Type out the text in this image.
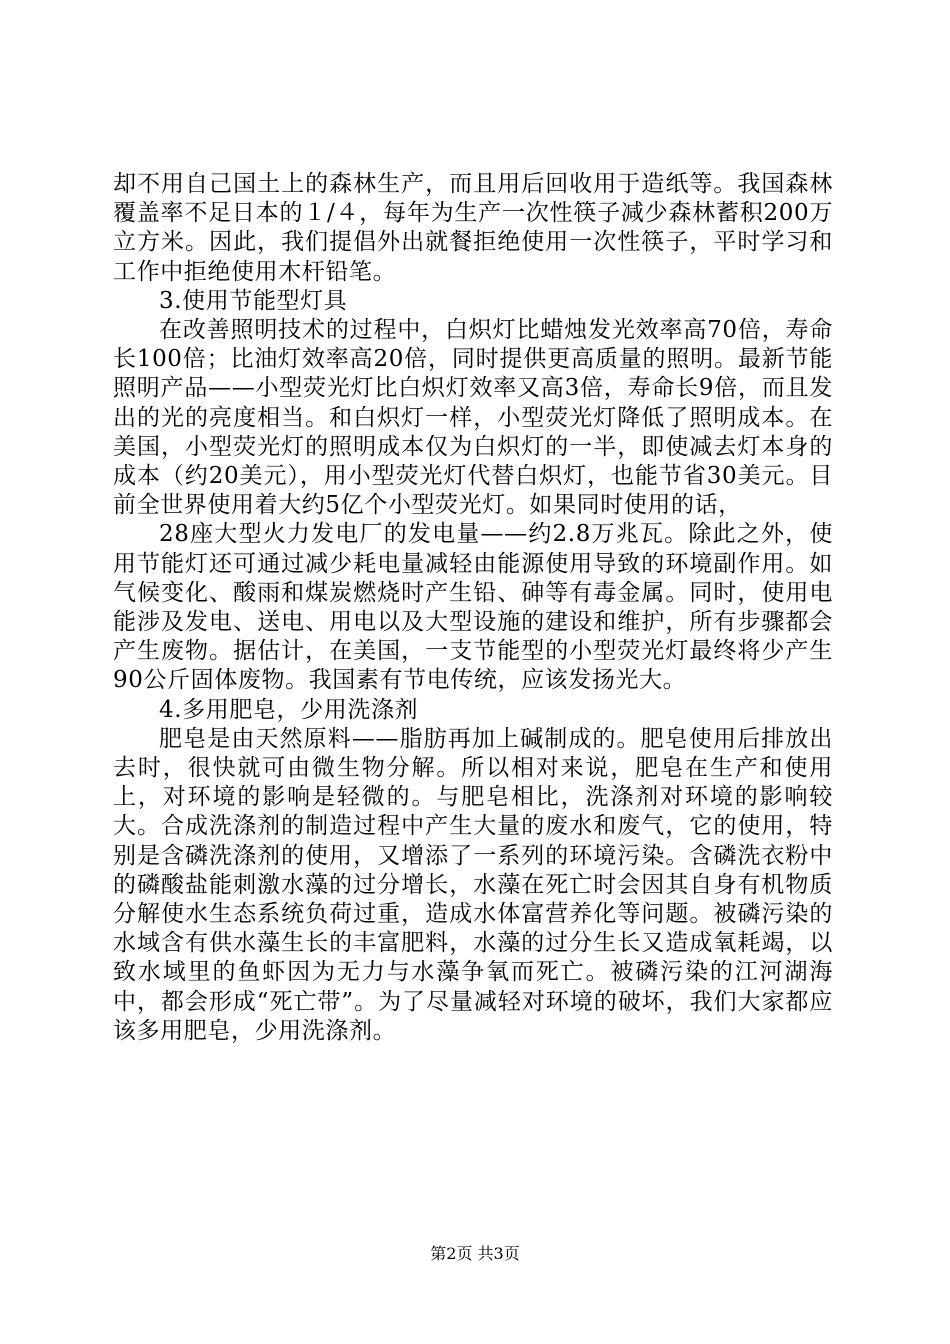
却不用自己国土上的森林生产，而且用后回收用于造纸等。我国森林覆盖率不足日本的１/４，每年为生产一次性筷子减少森林蓄积200万立方米。因此，我们提倡外出就餐拒绝使用一次性筷子，平时学习和工作中拒绝使用木杆铅笔。

3.使用节能型灯具

在改善照明技术的过程中，白炽灯比蜡烛发光效率高70倍，寿命长100倍；比油灯效率高20倍，同时提供更高质量的照明。最新节能照明产品——小型荧光灯比白炽灯效率又高3倍，寿命长9倍，而且发出的光的亮度相当。和白炽灯一样，小型荧光灯降低了照明成本。在美国，小型荧光灯的照明成本仅为白炽灯的一半，即使减去灯本身的成本（约20美元），用小型荧光灯代替白炽灯，也能节省30美元。目前全世界使用着大约5亿个小型荧光灯。如果同时使用的话，

28座大型火力发电厂的发电量——约2.8万兆瓦。除此之外，使用节能灯还可通过减少耗电量减轻由能源使用导致的环境副作用。如气候变化、酸雨和煤炭燃烧时产生铅、砷等有毒金属。同时，使用电能涉及发电、送电、用电以及大型设施的建设和维护，所有步骤都会产生废物。据估计，在美国，一支节能型的小型荧光灯最终将少产生90公斤固体废物。我国素有节电传统，应该发扬光大。

4.多用肥皂，少用洗涤剂

肥皂是由天然原料——脂肪再加上碱制成的。肥皂使用后排放出去时，很快就可由微生物分解。所以相对来说，肥皂在生产和使用上，对环境的影响是轻微的。与肥皂相比，洗涤剂对环境的影响较大。合成洗涤剂的制造过程中产生大量的废水和废气，它的使用，特别是含磷洗涤剂的使用，又增添了一系列的环境污染。含磷洗衣粉中的磷酸盐能刺激水藻的过分增长，水藻在死亡时会因其自身有机物质分解使水生态系统负荷过重，造成水体富营养化等问题。被磷污染的水域含有供水藻生长的丰富肥料，水藻的过分生长又造成氧耗竭，以致水域里的鱼虾因为无力与水藻争氧而死亡。被磷污染的江河湖海中，都会形成“死亡带”。为了尽量减轻对环境的破坏，我们大家都应该多用肥皂，少用洗涤剂。

第2页 共3页
